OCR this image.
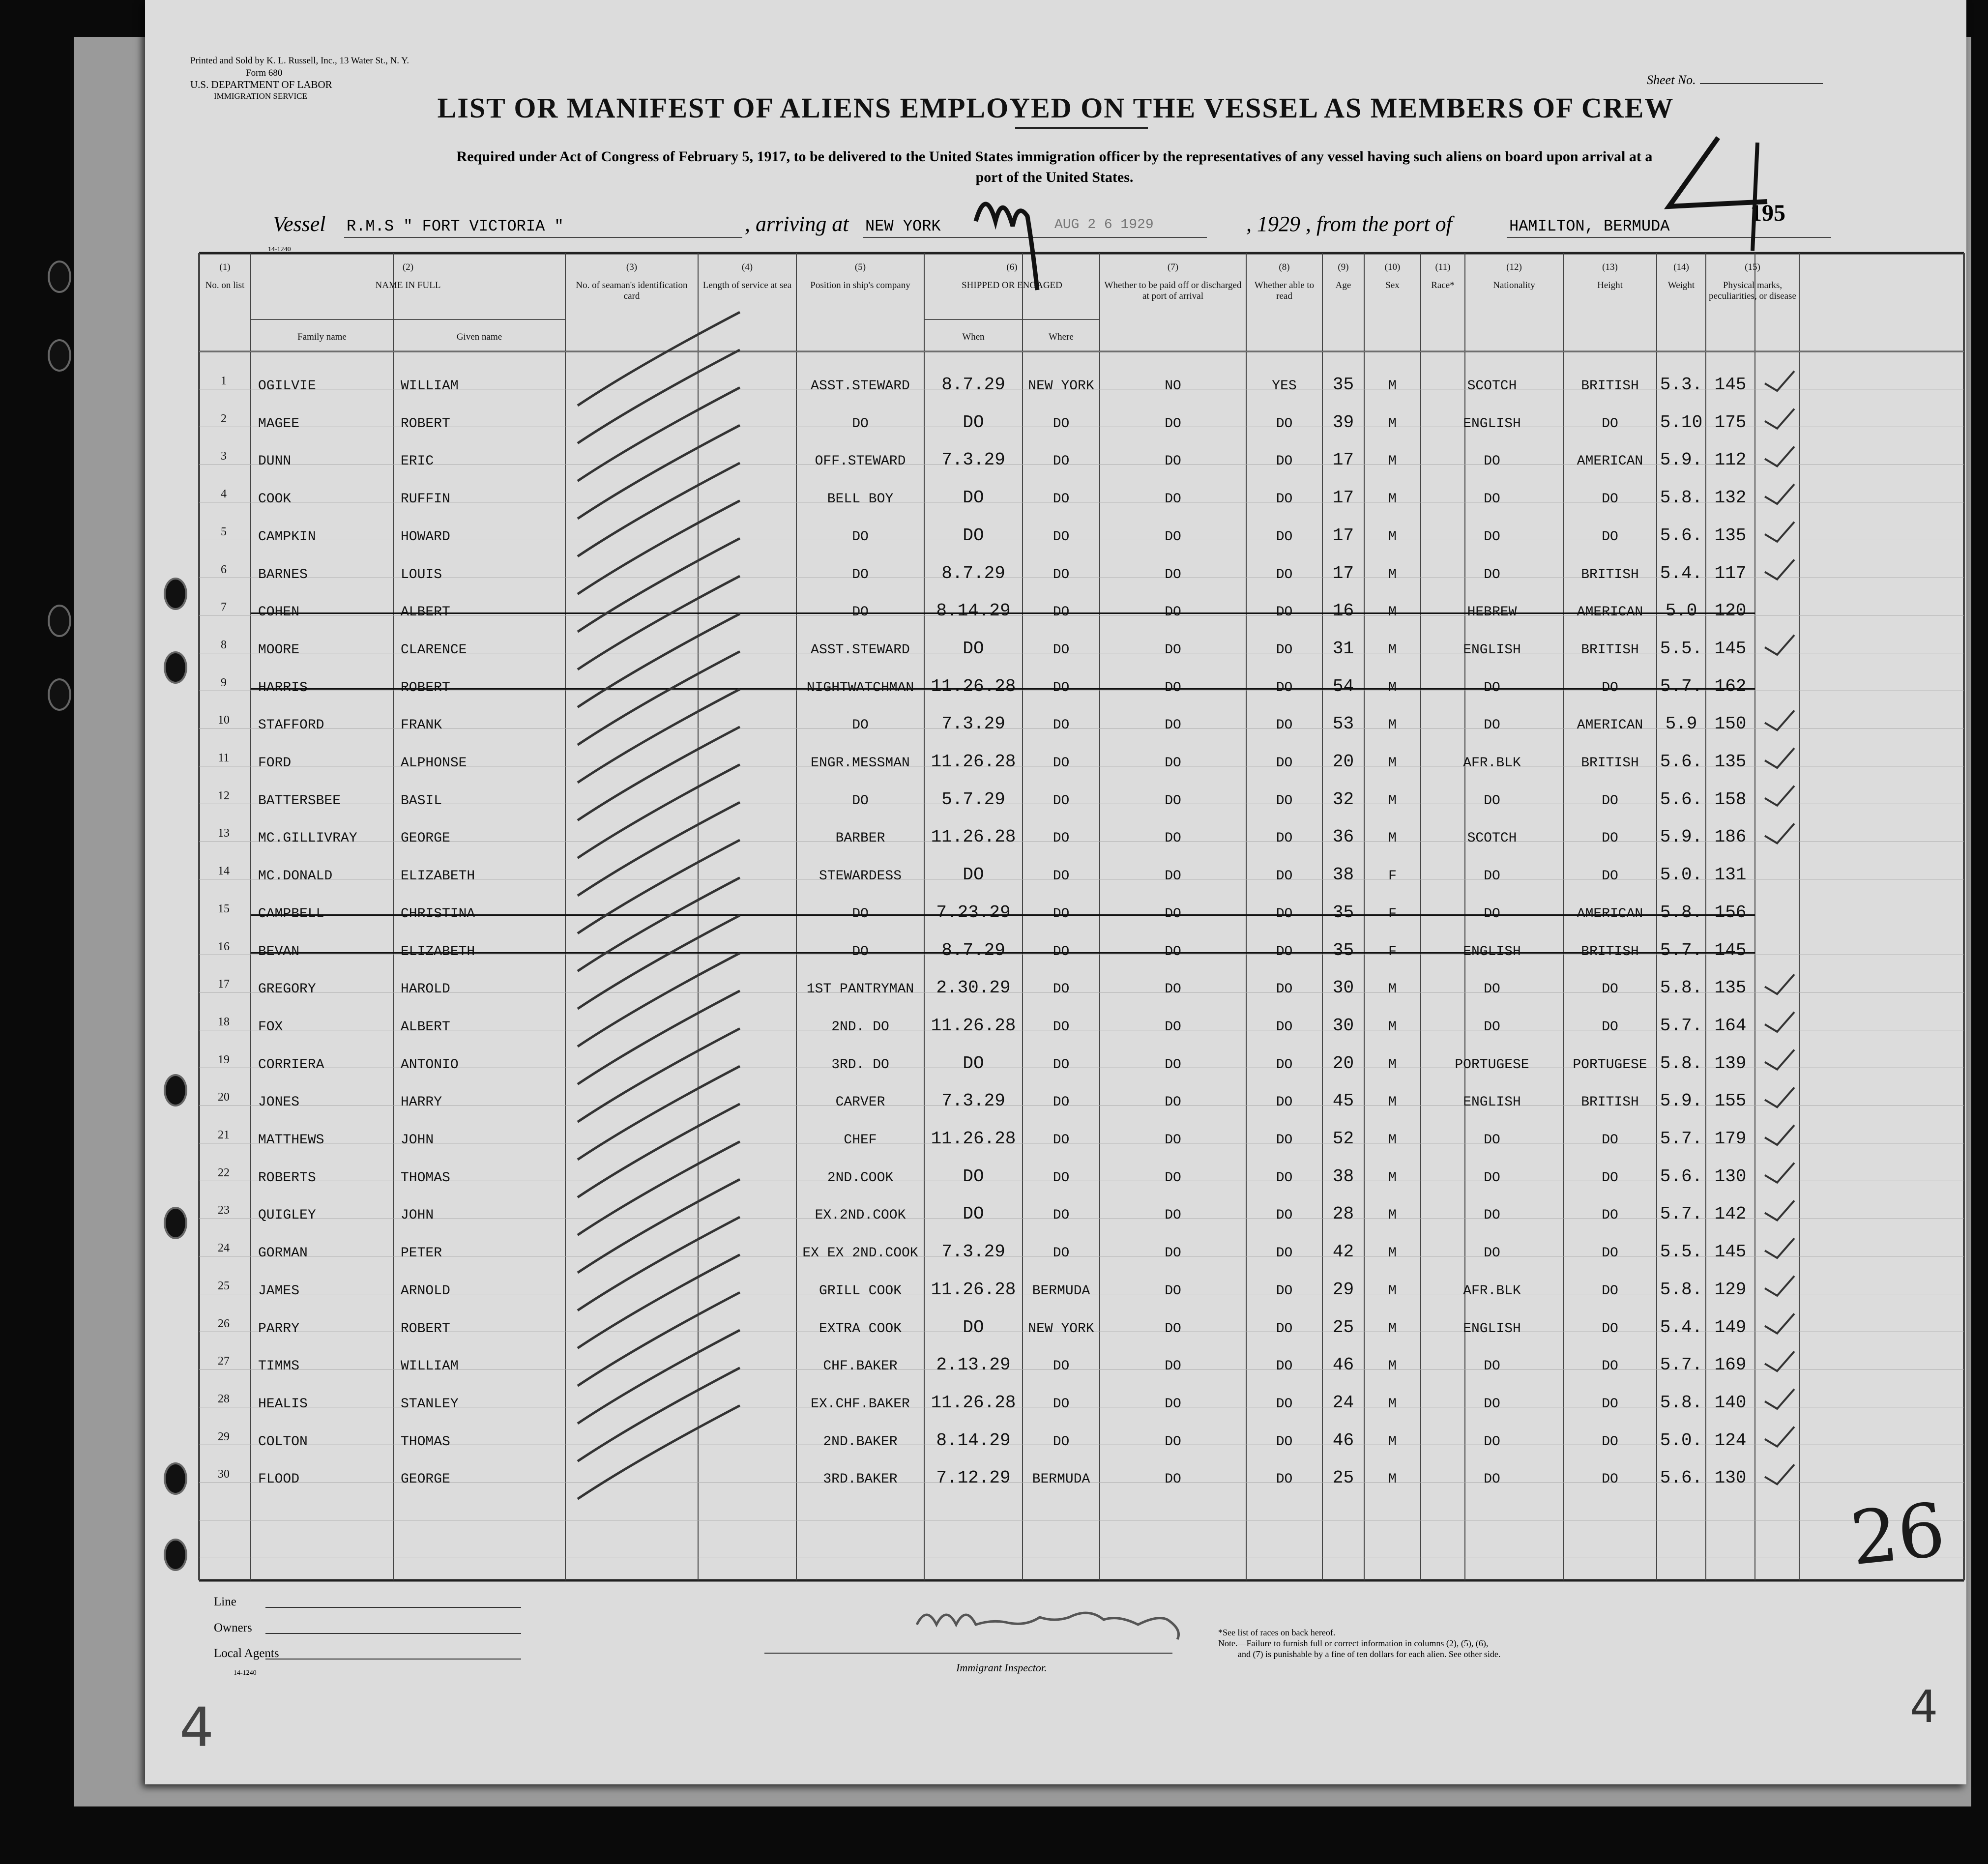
Printed and Sold by K. L. Russell, Inc., 13 Water St., N. Y.
Form 680
U.S. DEPARTMENT OF LABOR
IMMIGRATION SERVICE
Sheet No.
LIST OR MANIFEST OF ALIENS EMPLOYED ON THE VESSEL AS MEMBERS OF CREW
Required under Act of Congress of February 5, 1917, to be delivered to the United States immigration officer by the representatives of any vessel having such aliens on board upon arrival at a
port of the United States.
Vessel R.M.S " FORT VICTORIA "	, arriving at NEW YORK	AUG 2 6 1929	, 1929 , from the port of	HAMILTON, BERMUDA
195
14-1240
(1)
No. on list
(2)
NAME IN FULL
Family name	Given name
(3)
No. of seaman's identification card
(4)
Length of service at sea
(5)
Position in ship's company
(6)
SHIPPED OR ENGAGED
When	Where
(7)
Whether to be paid off or discharged at port of arrival
(8)
Whether able to read
(9)
Age
(10)
Sex
(11)
Race*
(12)
Nationality
(13)
Height
(14)
Weight
(15)
Physical marks, peculiarities, or disease
1	OGILVIE	WILLIAM	ASST.STEWARD	8.7.29	NEW YORK	NO	YES	35	M	SCOTCH	BRITISH	5.3. 145
2	MAGEE	ROBERT	DO	DO	DO	DO	DO	39	M	ENGLISH	DO	5.10 175
3	DUNN	ERIC	OFF.STEWARD	7.3.29	DO	DO	DO	17	M	DO	AMERICAN 5.9. 112
4	COOK	RUFFIN	BELL BOY	DO	DO	DO	DO	17	M	DO	DO	5.8. 132
5	CAMPKIN	HOWARD	DO	DO	DO	DO	DO	17	M	DO	DO	5.6. 135
6	BARNES	LOUIS	DO	8.7.29	DO	DO	DO	17	M	DO	BRITISH	5.4. 117
7	COHEN	ALBERT	DO	8.14.29	DO	DO	DO	16	M	HEBREW	AMERICAN	5.0 120
8	MOORE	CLARENCE	ASST.STEWARD	DO	DO	DO	DO	31	M	ENGLISH	BRITISH	5.5. 145
9	HARRIS	ROBERT	NIGHTWATCHMAN 11.26.28	DO	DO	DO	54	M	DO	DO	5.7. 162
10	STAFFORD	FRANK	DO	7.3.29	DO	DO	DO	53	M	DO	AMERICAN	5.9 150
11	FORD	ALPHONSE	ENGR.MESSMAN	11.26.28	DO	DO	DO	20	M	AFR.BLK	BRITISH	5.6. 135
12	BATTERSBEE	BASIL	DO	5.7.29	DO	DO	DO	32	M	DO	DO	5.6. 158
13	MC.GILLIVRAY	GEORGE	BARBER	11.26.28	DO	DO	DO	36	M	SCOTCH	DO	5.9. 186
14	MC.DONALD	ELIZABETH	STEWARDESS	DO	DO	DO	DO	38	F	DO	DO	5.0. 131
15	CAMPBELL	CHRISTINA	DO	7.23.29	DO	DO	DO	35	F	DO	AMERICAN 5.8. 156
16	BEVAN	ELIZABETH	DO	8.7.29	DO	DO	DO	35	F	ENGLISH	BRITISH	5.7. 145
17	GREGORY	HAROLD	1ST PANTRYMAN	2.30.29	DO	DO	DO	30	M	DO	DO	5.8. 135
18	FOX	ALBERT	2ND. DO	11.26.28	DO	DO	DO	30	M	DO	DO	5.7. 164
19	CORRIERA	ANTONIO	3RD. DO	DO	DO	DO	DO	20	M	PORTUGESE	PORTUGESE 5.8. 139
20	JONES	HARRY	CARVER	7.3.29	DO	DO	DO	45	M	ENGLISH	BRITISH	5.9. 155
21	MATTHEWS	JOHN	CHEF	11.26.28	DO	DO	DO	52	M	DO	DO	5.7. 179
22	ROBERTS	THOMAS	2ND.COOK	DO	DO	DO	DO	38	M	DO	DO	5.6. 130
23	QUIGLEY	JOHN	EX.2ND.COOK	DO	DO	DO	DO	28	M	DO	DO	5.7. 142
24	GORMAN	PETER	EX EX 2ND.COOK	7.3.29	DO	DO	DO	42	M	DO	DO	5.5. 145
25	JAMES	ARNOLD	GRILL COOK	11.26.28	BERMUDA	DO	DO	29	M	AFR.BLK	DO	5.8. 129
26	PARRY	ROBERT	EXTRA COOK	DO	NEW YORK	DO	DO	25	M	ENGLISH	DO	5.4. 149
27	TIMMS	WILLIAM	CHF.BAKER	2.13.29	DO	DO	DO	46	M	DO	DO	5.7. 169
28	HEALIS	STANLEY	EX.CHF.BAKER	11.26.28	DO	DO	DO	24	M	DO	DO	5.8. 140
29	COLTON	THOMAS	2ND.BAKER	8.14.29	DO	DO	DO	46	M	DO	DO	5.0. 124
30	FLOOD	GEORGE	3RD.BAKER	7.12.29	BERMUDA	DO	DO	25	M	DO	DO	5.6. 130
Line
Owners
Local Agents
14-1240	Immigrant Inspector.
*See list of races on back hereof.
Note.—Failure to furnish full or correct information in columns (2), (5), (6),
and (7) is punishable by a fine of ten dollars for each alien. See other side.
26
4	4
